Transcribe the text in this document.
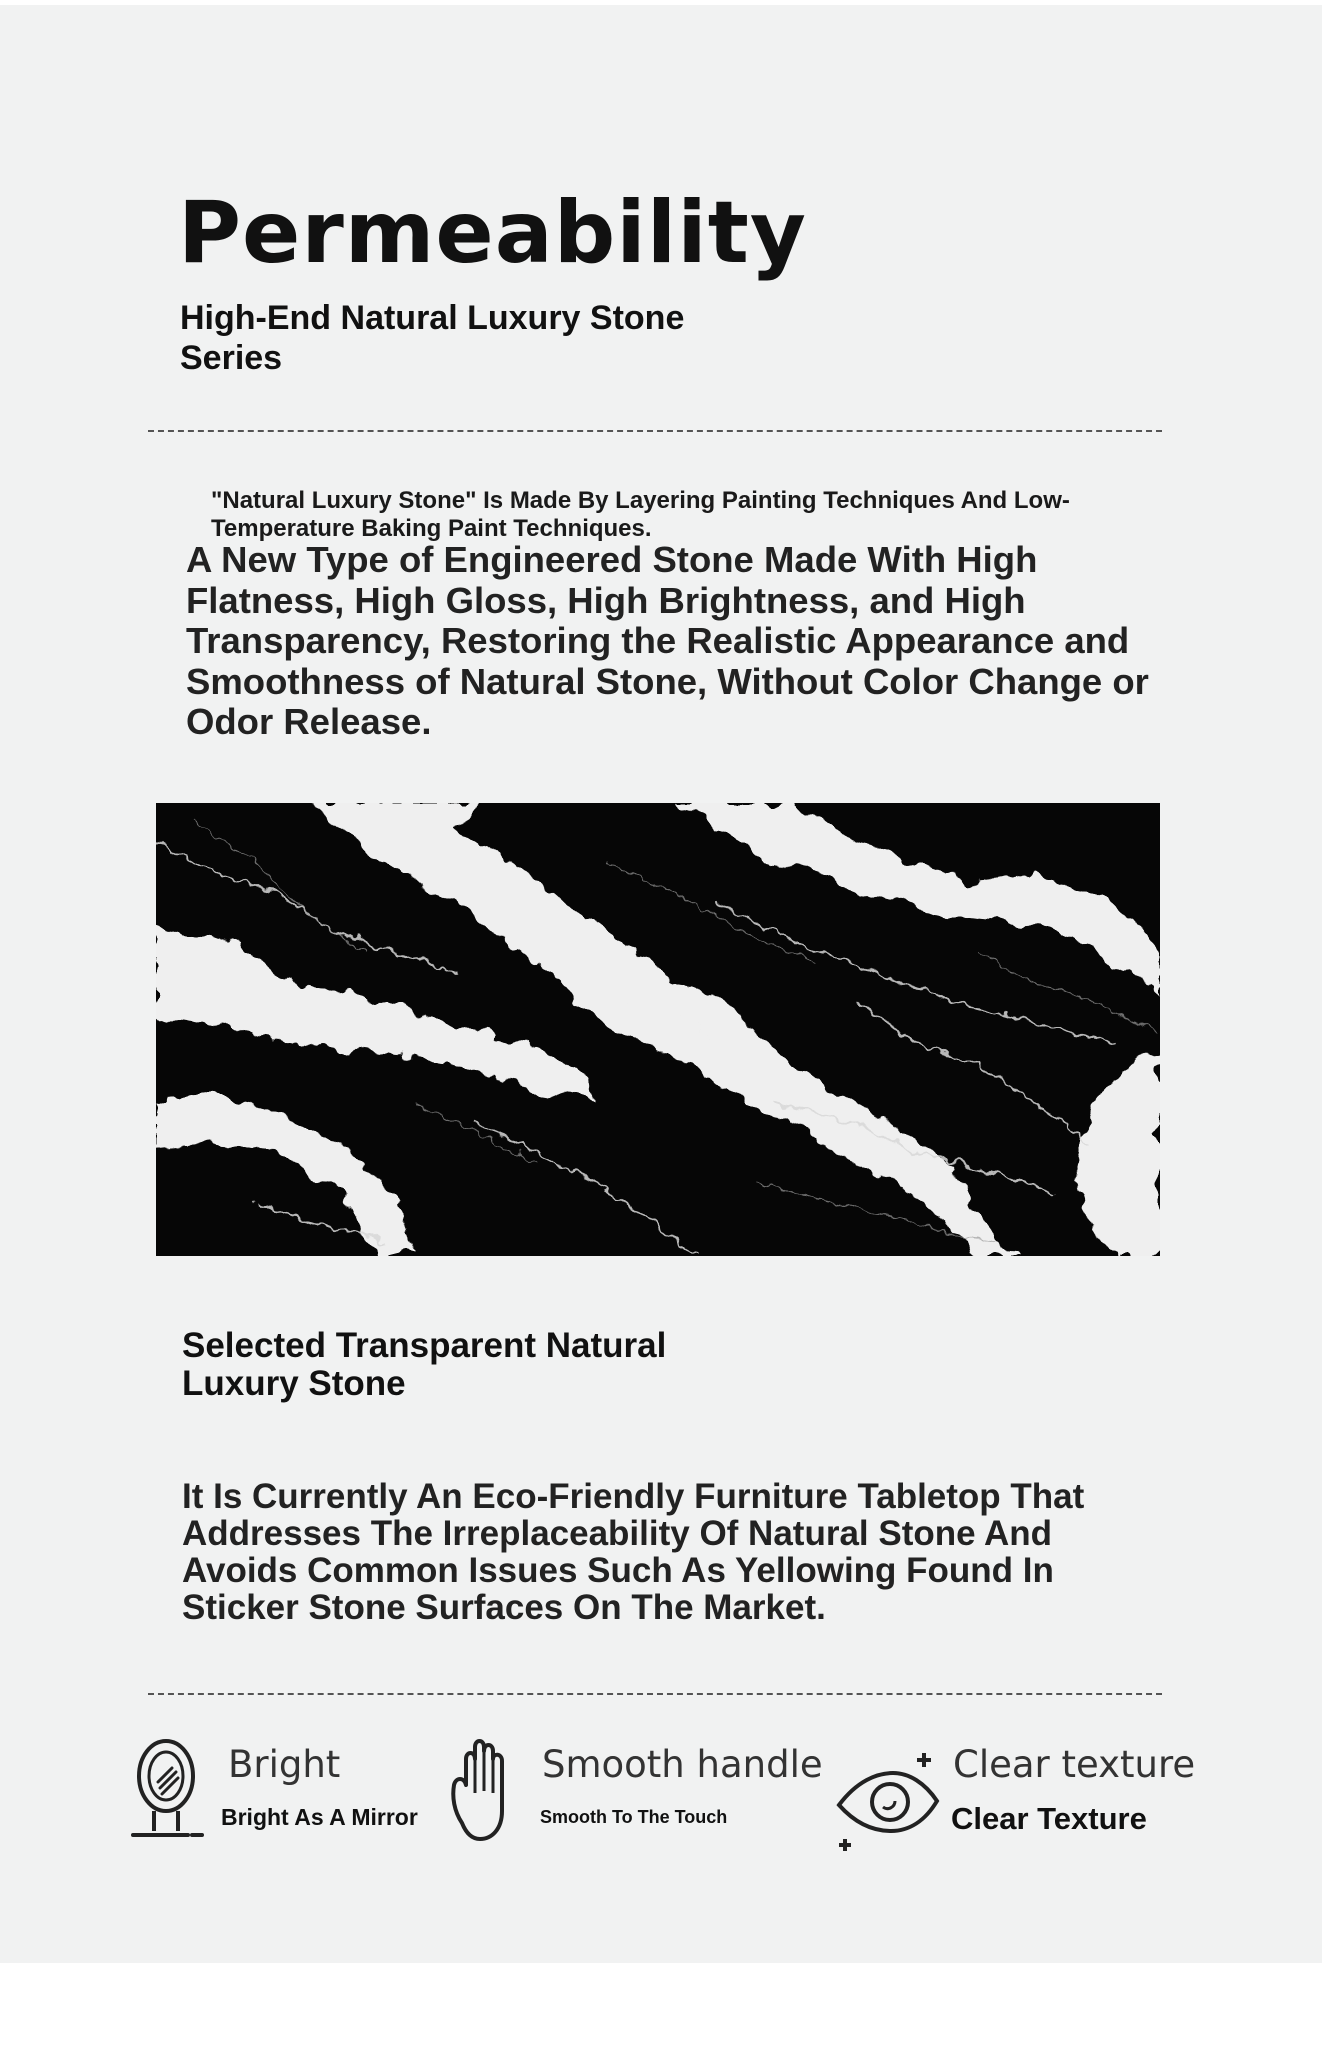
Permeability
High-End Natural Luxury Stone Series
"Natural Luxury Stone" Is Made By Layering Painting Techniques And Low-Temperature Baking Paint Techniques.
A New Type of Engineered Stone Made With High Flatness, High Gloss, High Brightness, and High Transparency, Restoring the Realistic Appearance and Smoothness of Natural Stone, Without Color Change or Odor Release.
Selected Transparent Natural Luxury Stone
It Is Currently An Eco-Friendly Furniture Tabletop That Addresses The Irreplaceability Of Natural Stone And Avoids Common Issues Such As Yellowing Found In Sticker Stone Surfaces On The Market.
Bright
Bright As A Mirror
Smooth handle
Smooth To The Touch
Clear texture
Clear Texture
